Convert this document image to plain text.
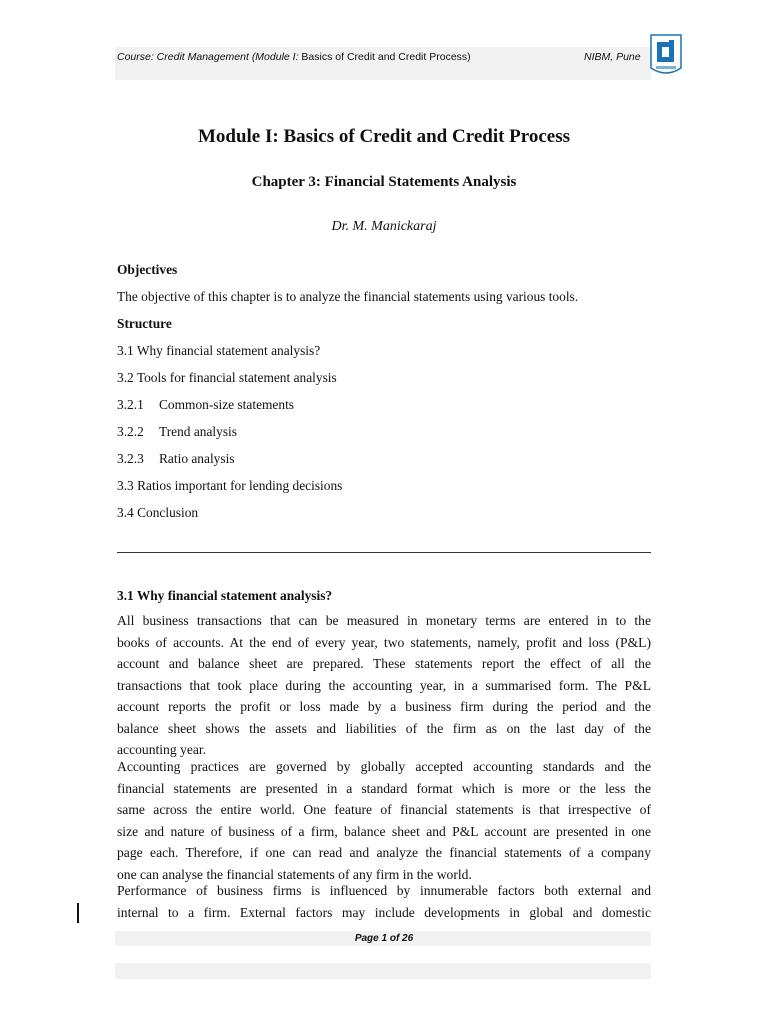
Course: Credit Management (Module I: Basics of Credit and Credit Process)	NIBM, Pune
Module I: Basics of Credit and Credit Process
Chapter 3: Financial Statements Analysis
Dr. M. Manickaraj
Objectives
The objective of this chapter is to analyze the financial statements using various tools.
Structure
3.1 Why financial statement analysis?
3.2 Tools for financial statement analysis
3.2.1 Common-size statements
3.2.2 Trend analysis
3.2.3 Ratio analysis
3.3 Ratios important for lending decisions
3.4 Conclusion
3.1 Why financial statement analysis?
All business transactions that can be measured in monetary terms are entered in to the
books of accounts. At the end of every year, two statements, namely, profit and loss (P&L)
account and balance sheet are prepared. These statements report the effect of all the
transactions that took place during the accounting year, in a summarised form. The P&L
account reports the profit or loss made by a business firm during the period and the
balance sheet shows the assets and liabilities of the firm as on the last day of the
accounting year.
Accounting practices are governed by globally accepted accounting standards and the
financial statements are presented in a standard format which is more or the less the
same across the entire world. One feature of financial statements is that irrespective of
size and nature of business of a firm, balance sheet and P&L account are presented in one
page each. Therefore, if one can read and analyze the financial statements of a company
one can analyse the financial statements of any firm in the world.
Performance of business firms is influenced by innumerable factors both external and
internal to a firm. External factors may include developments in global and domestic
Page 1 of 26
